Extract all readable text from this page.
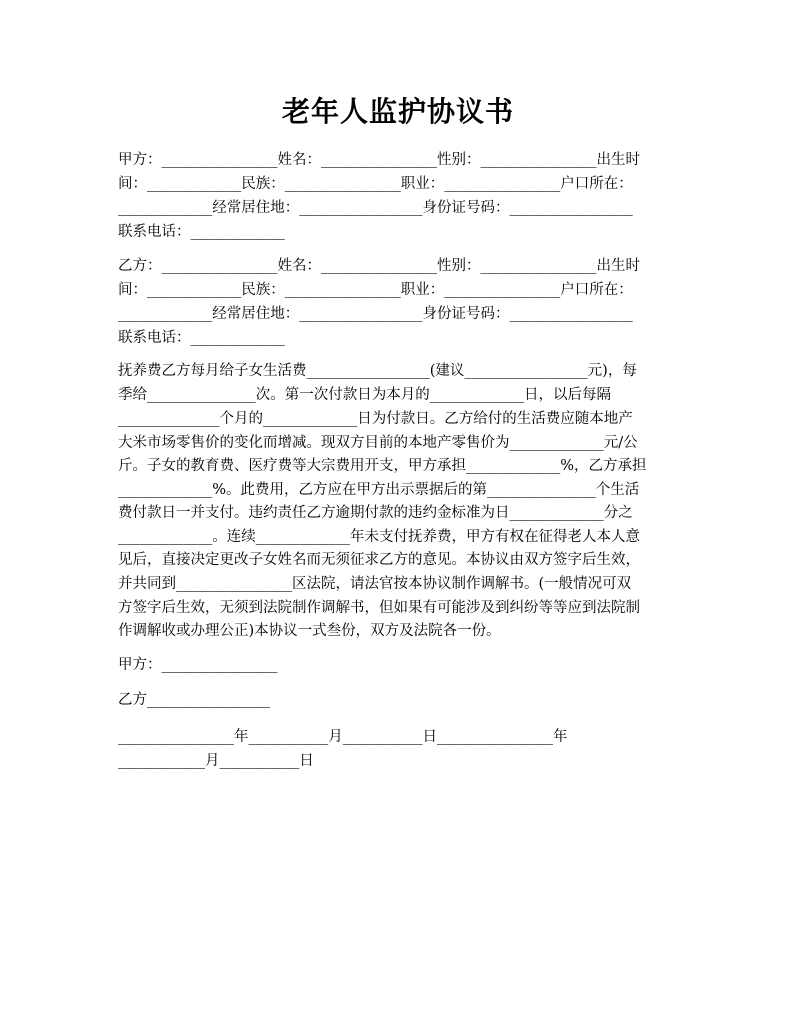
老年人监护协议书
甲方：________________姓名：________________性别：________________出生时
间：_____________民族：________________职业：________________户口所在：
_____________经常居住地：_________________身份证号码：_________________
联系电话：_____________
乙方：________________姓名：________________性别：________________出生时
间：_____________民族：________________职业：________________户口所在：
_____________经常居住地：_________________身份证号码：_________________
联系电话：_____________
抚养费乙方每月给子女生活费_________________(建议_________________元)，每
季给_______________次。第一次付款日为本月的_____________日，以后每隔
______________个月的_____________日为付款日。乙方给付的生活费应随本地产
大米市场零售价的变化而增减。现双方目前的本地产零售价为_____________元/公
斤。子女的教育费、医疗费等大宗费用开支，甲方承担_____________%，乙方承担
_____________%。此费用，乙方应在甲方出示票据后的第_______________个生活
费付款日一并支付。违约责任乙方逾期付款的违约金标准为日_____________分之
_____________。连续_____________年未支付抚养费，甲方有权在征得老人本人意
见后，直接决定更改子女姓名而无须征求乙方的意见。本协议由双方签字后生效，
并共同到________________区法院，请法官按本协议制作调解书。(一般情况可双
方签字后生效，无须到法院制作调解书，但如果有可能涉及到纠纷等等应到法院制
作调解收或办理公正)本协议一式叁份，双方及法院各一份。
甲方：________________
乙方_________________
________________年___________月___________日________________年
____________月___________日
